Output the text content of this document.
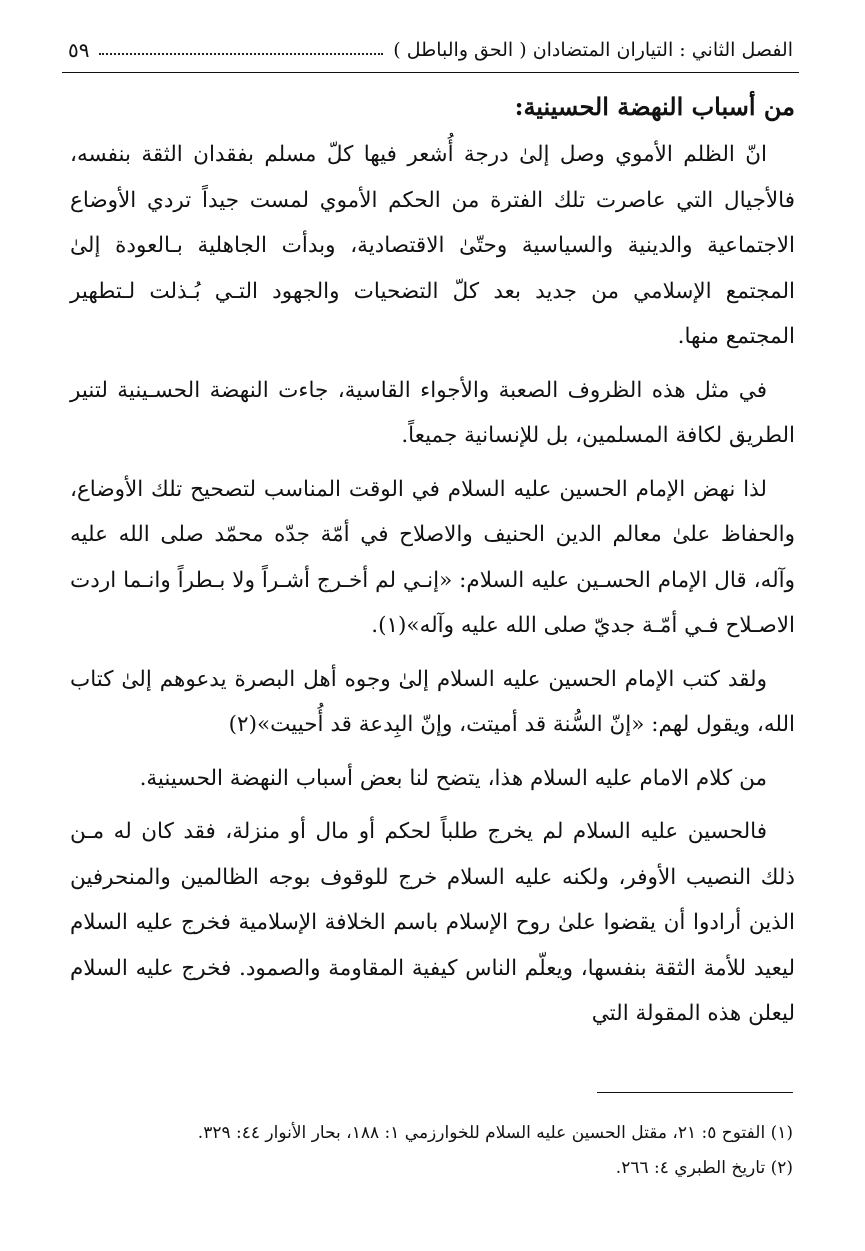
الفصل الثاني : التياران المتضادان ( الحق والباطل )
٥٩
من أسباب النهضة الحسينية:

انّ الظلم الأموي وصل إلىٰ درجة أُشعر فيها كلّ مسلم بفقدان الثقة بنفسه، فالأجيال التي عاصرت تلك الفترة من الحكم الأموي لمست جيداً تردي الأوضاع الاجتماعية والدينية والسياسية وحتّىٰ الاقتصادية، وبدأت الجاهلية بـالعودة إلىٰ المجتمع الإسلامي من جديد بعد كلّ التضحيات والجهود التـي بُـذلت لـتطهير المجتمع منها.

في مثل هذه الظروف الصعبة والأجواء القاسية، جاءت النهضة الحسـينية لتنير الطريق لكافة المسلمين، بل للإنسانية جميعاً.

لذا نهض الإمام الحسين عليه السلام في الوقت المناسب لتصحيح تلك الأوضاع، والحفاظ علىٰ معالم الدين الحنيف والاصلاح في أمّة جدّه محمّد صلى الله عليه وآله، قال الإمام الحسـين عليه السلام: «إنـي لم أخـرج أشـراً ولا بـطراً وانـما اردت الاصـلاح فـي أمّـة جديّ صلى الله عليه وآله»(١).

ولقد كتب الإمام الحسين عليه السلام إلىٰ وجوه أهل البصرة يدعوهم إلىٰ كتاب الله، ويقول لهم: «إنّ السُّنة قد أميتت، وإنّ البِدعة قد أُحييت»(٢)

من كلام الامام عليه السلام هذا، يتضح لنا بعض أسباب النهضة الحسينية.

فالحسين عليه السلام لم يخرج طلباً لحكم أو مال أو منزلة، فقد كان له مـن ذلك النصيب الأوفر، ولكنه عليه السلام خرج للوقوف بوجه الظالمين والمنحرفين الذين أرادوا أن يقضوا علىٰ روح الإسلام باسم الخلافة الإسلامية فخرج عليه السلام ليعيد للأمة الثقة بنفسها، ويعلّم الناس كيفية المقاومة والصمود. فخرج عليه السلام ليعلن هذه المقولة التي

(١) الفتوح ٥: ٢١، مقتل الحسين عليه السلام للخوارزمي ١: ١٨٨، بحار الأنوار ٤٤: ٣٢٩.

(٢) تاريخ الطبري ٤: ٢٦٦.
